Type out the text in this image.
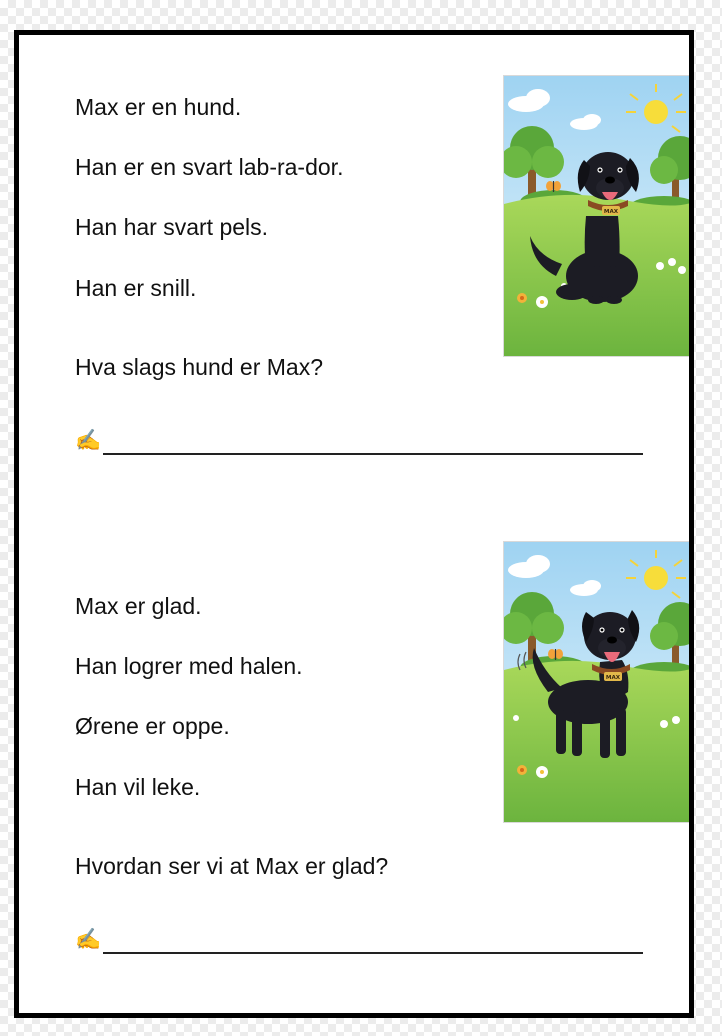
Max er en hund.

Han er en svart lab-ra-dor.

Han har svart pels.

Han er snill.

Hva slags hund er Max?

✍
MAX

Max er glad.

Han logrer med halen.

Ørene er oppe.

Han vil leke.

Hvordan ser vi at Max er glad?

✍
MAX
